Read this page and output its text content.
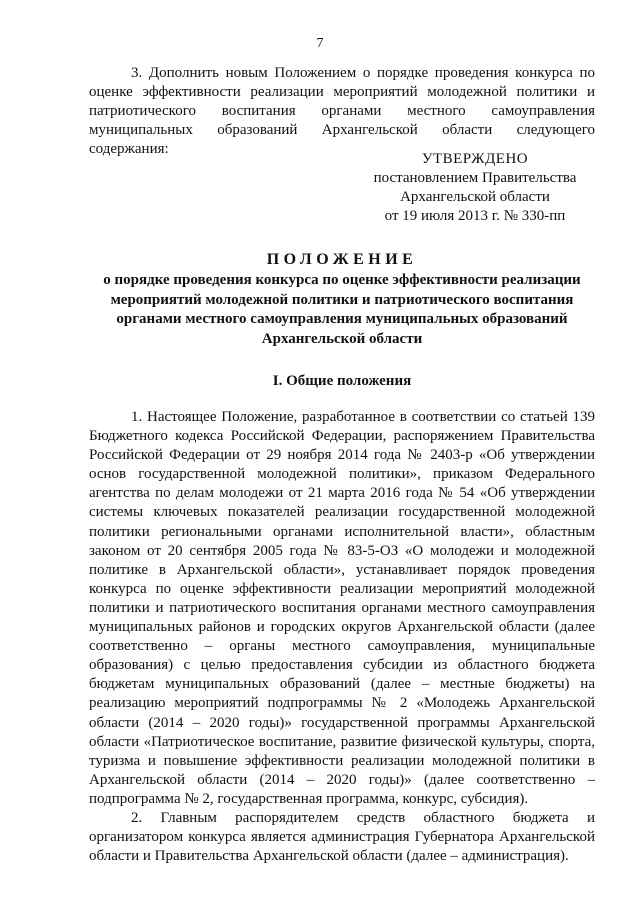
7

3. Дополнить новым Положением о порядке проведения конкурса по оценке эффективности реализации мероприятий молодежной политики и патриотического воспитания органами местного самоуправления муниципальных образований Архангельской области следующего содержания:

УТВЕРЖДЕНО
постановлением Правительства
Архангельской области
от 19 июля 2013 г. № 330-пп
ПОЛОЖЕНИЕ
о порядке проведения конкурса по оценке эффективности реализации мероприятий молодежной политики и патриотического воспитания органами местного самоуправления муниципальных образований Архангельской области
I. Общие положения

1. Настоящее Положение, разработанное в соответствии со статьей 139 Бюджетного кодекса Российской Федерации, распоряжением Правительства Российской Федерации от 29 ноября 2014 года № 2403-р «Об утверждении основ государственной молодежной политики», приказом Федерального агентства по делам молодежи от 21 марта 2016 года № 54 «Об утверждении системы ключевых показателей реализации государственной молодежной политики региональными органами исполнительной власти», областным законом от 20 сентября 2005 года № 83-5-ОЗ «О молодежи и молодежной политике в Архангельской области», устанавливает порядок проведения конкурса по оценке эффективности реализации мероприятий молодежной политики и патриотического воспитания органами местного самоуправления муниципальных районов и городских округов Архангельской области (далее соответственно – органы местного самоуправления, муниципальные образования) с целью предоставления субсидии из областного бюджета бюджетам муниципальных образований (далее – местные бюджеты) на реализацию мероприятий подпрограммы № 2 «Молодежь Архангельской области (2014 – 2020 годы)» государственной программы Архангельской области «Патриотическое воспитание, развитие физической культуры, спорта, туризма и повышение эффективности реализации молодежной политики в Архангельской области (2014 – 2020 годы)» (далее соответственно – подпрограмма № 2, государственная программа, конкурс, субсидия).

2. Главным распорядителем средств областного бюджета и организатором конкурса является администрация Губернатора Архангельской области и Правительства Архангельской области (далее – администрация).
